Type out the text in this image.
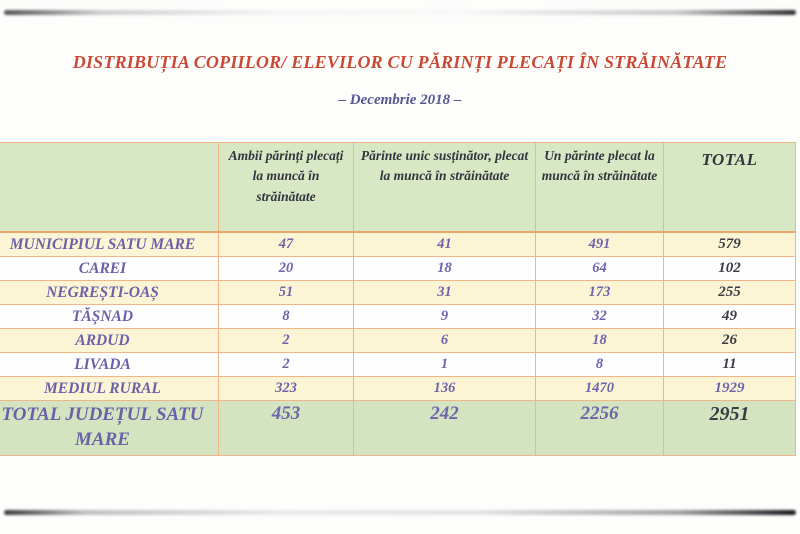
DISTRIBUȚIA COPIILOR/ ELEVILOR CU PĂRINȚI PLECAȚI ÎN STRĂINĂTATE
– Decembrie 2018 –
	Ambii părinți plecați la muncă în străinătate	Părinte unic susținător, plecat la muncă în străinătate	Un părinte plecat la muncă în străinătate	TOTAL
MUNICIPIUL SATU MARE	47	41	491	579
CAREI	20	18	64	102
NEGREȘTI-OAȘ	51	31	173	255
TĂȘNAD	8	9	32	49
ARDUD	2	6	18	26
LIVADA	2	1	8	11
MEDIUL RURAL	323	136	1470	1929
TOTAL JUDEȚUL SATU MARE	453	242	2256	2951
